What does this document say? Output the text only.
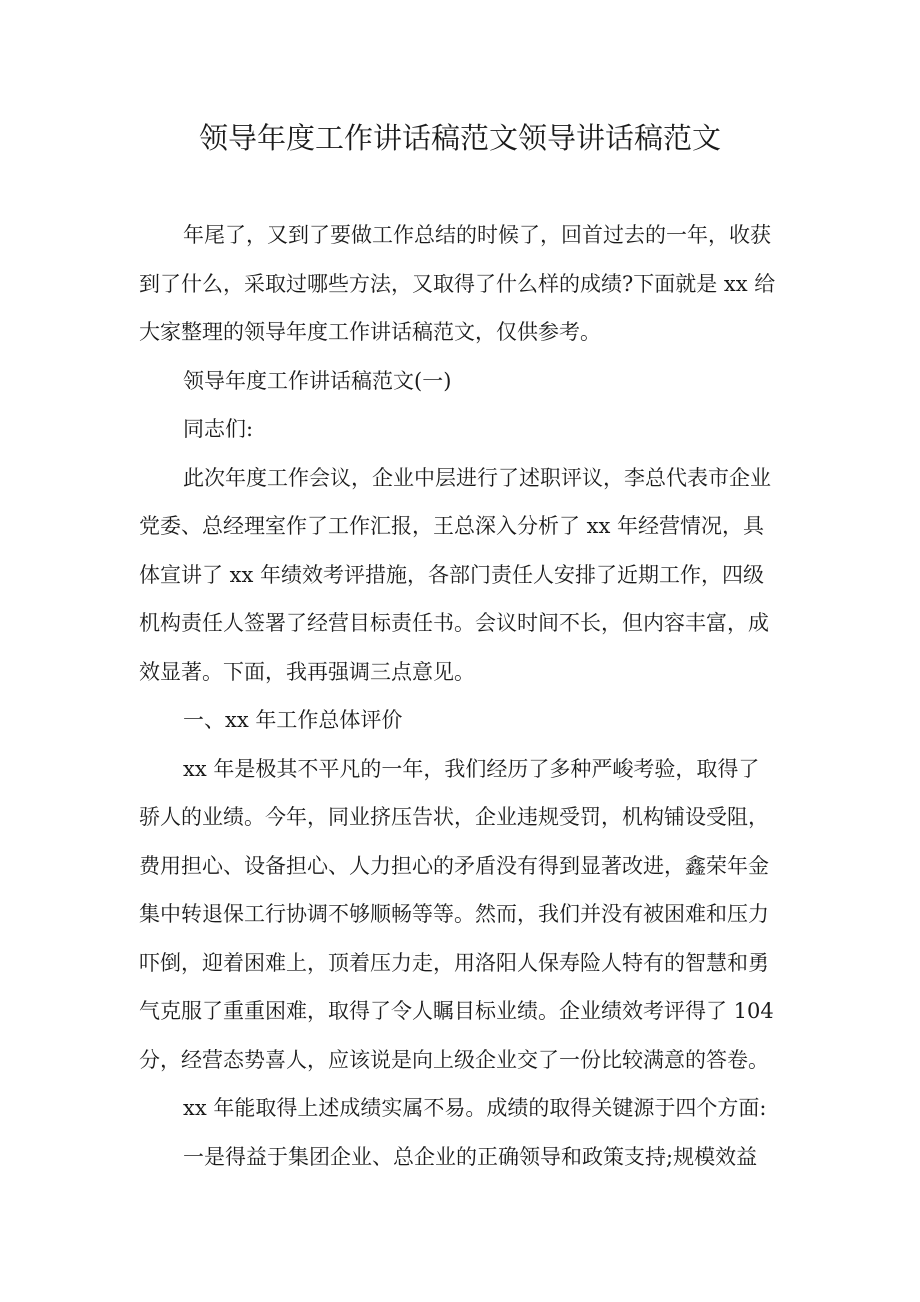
领导年度工作讲话稿范文领导讲话稿范文

年尾了，又到了要做工作总结的时候了，回首过去的一年，收获
到了什么，采取过哪些方法，又取得了什么样的成绩?下面就是 xx 给
大家整理的领导年度工作讲话稿范文，仅供参考。

领导年度工作讲话稿范文(一)

同志们:

此次年度工作会议，企业中层进行了述职评议，李总代表市企业
党委、总经理室作了工作汇报，王总深入分析了 xx 年经营情况，具
体宣讲了 xx 年绩效考评措施，各部门责任人安排了近期工作，四级
机构责任人签署了经营目标责任书。会议时间不长，但内容丰富，成
效显著。下面，我再强调三点意见。

一、xx 年工作总体评价

xx 年是极其不平凡的一年，我们经历了多种严峻考验，取得了
骄人的业绩。今年，同业挤压告状，企业违规受罚，机构铺设受阻，
费用担心、设备担心、人力担心的矛盾没有得到显著改进，鑫荣年金
集中转退保工行协调不够顺畅等等。然而，我们并没有被困难和压力
吓倒，迎着困难上，顶着压力走，用洛阳人保寿险人特有的智慧和勇
气克服了重重困难，取得了令人瞩目标业绩。企业绩效考评得了 104
分，经营态势喜人，应该说是向上级企业交了一份比较满意的答卷。

xx 年能取得上述成绩实属不易。成绩的取得关键源于四个方面:

一是得益于集团企业、总企业的正确领导和政策支持;规模效益
